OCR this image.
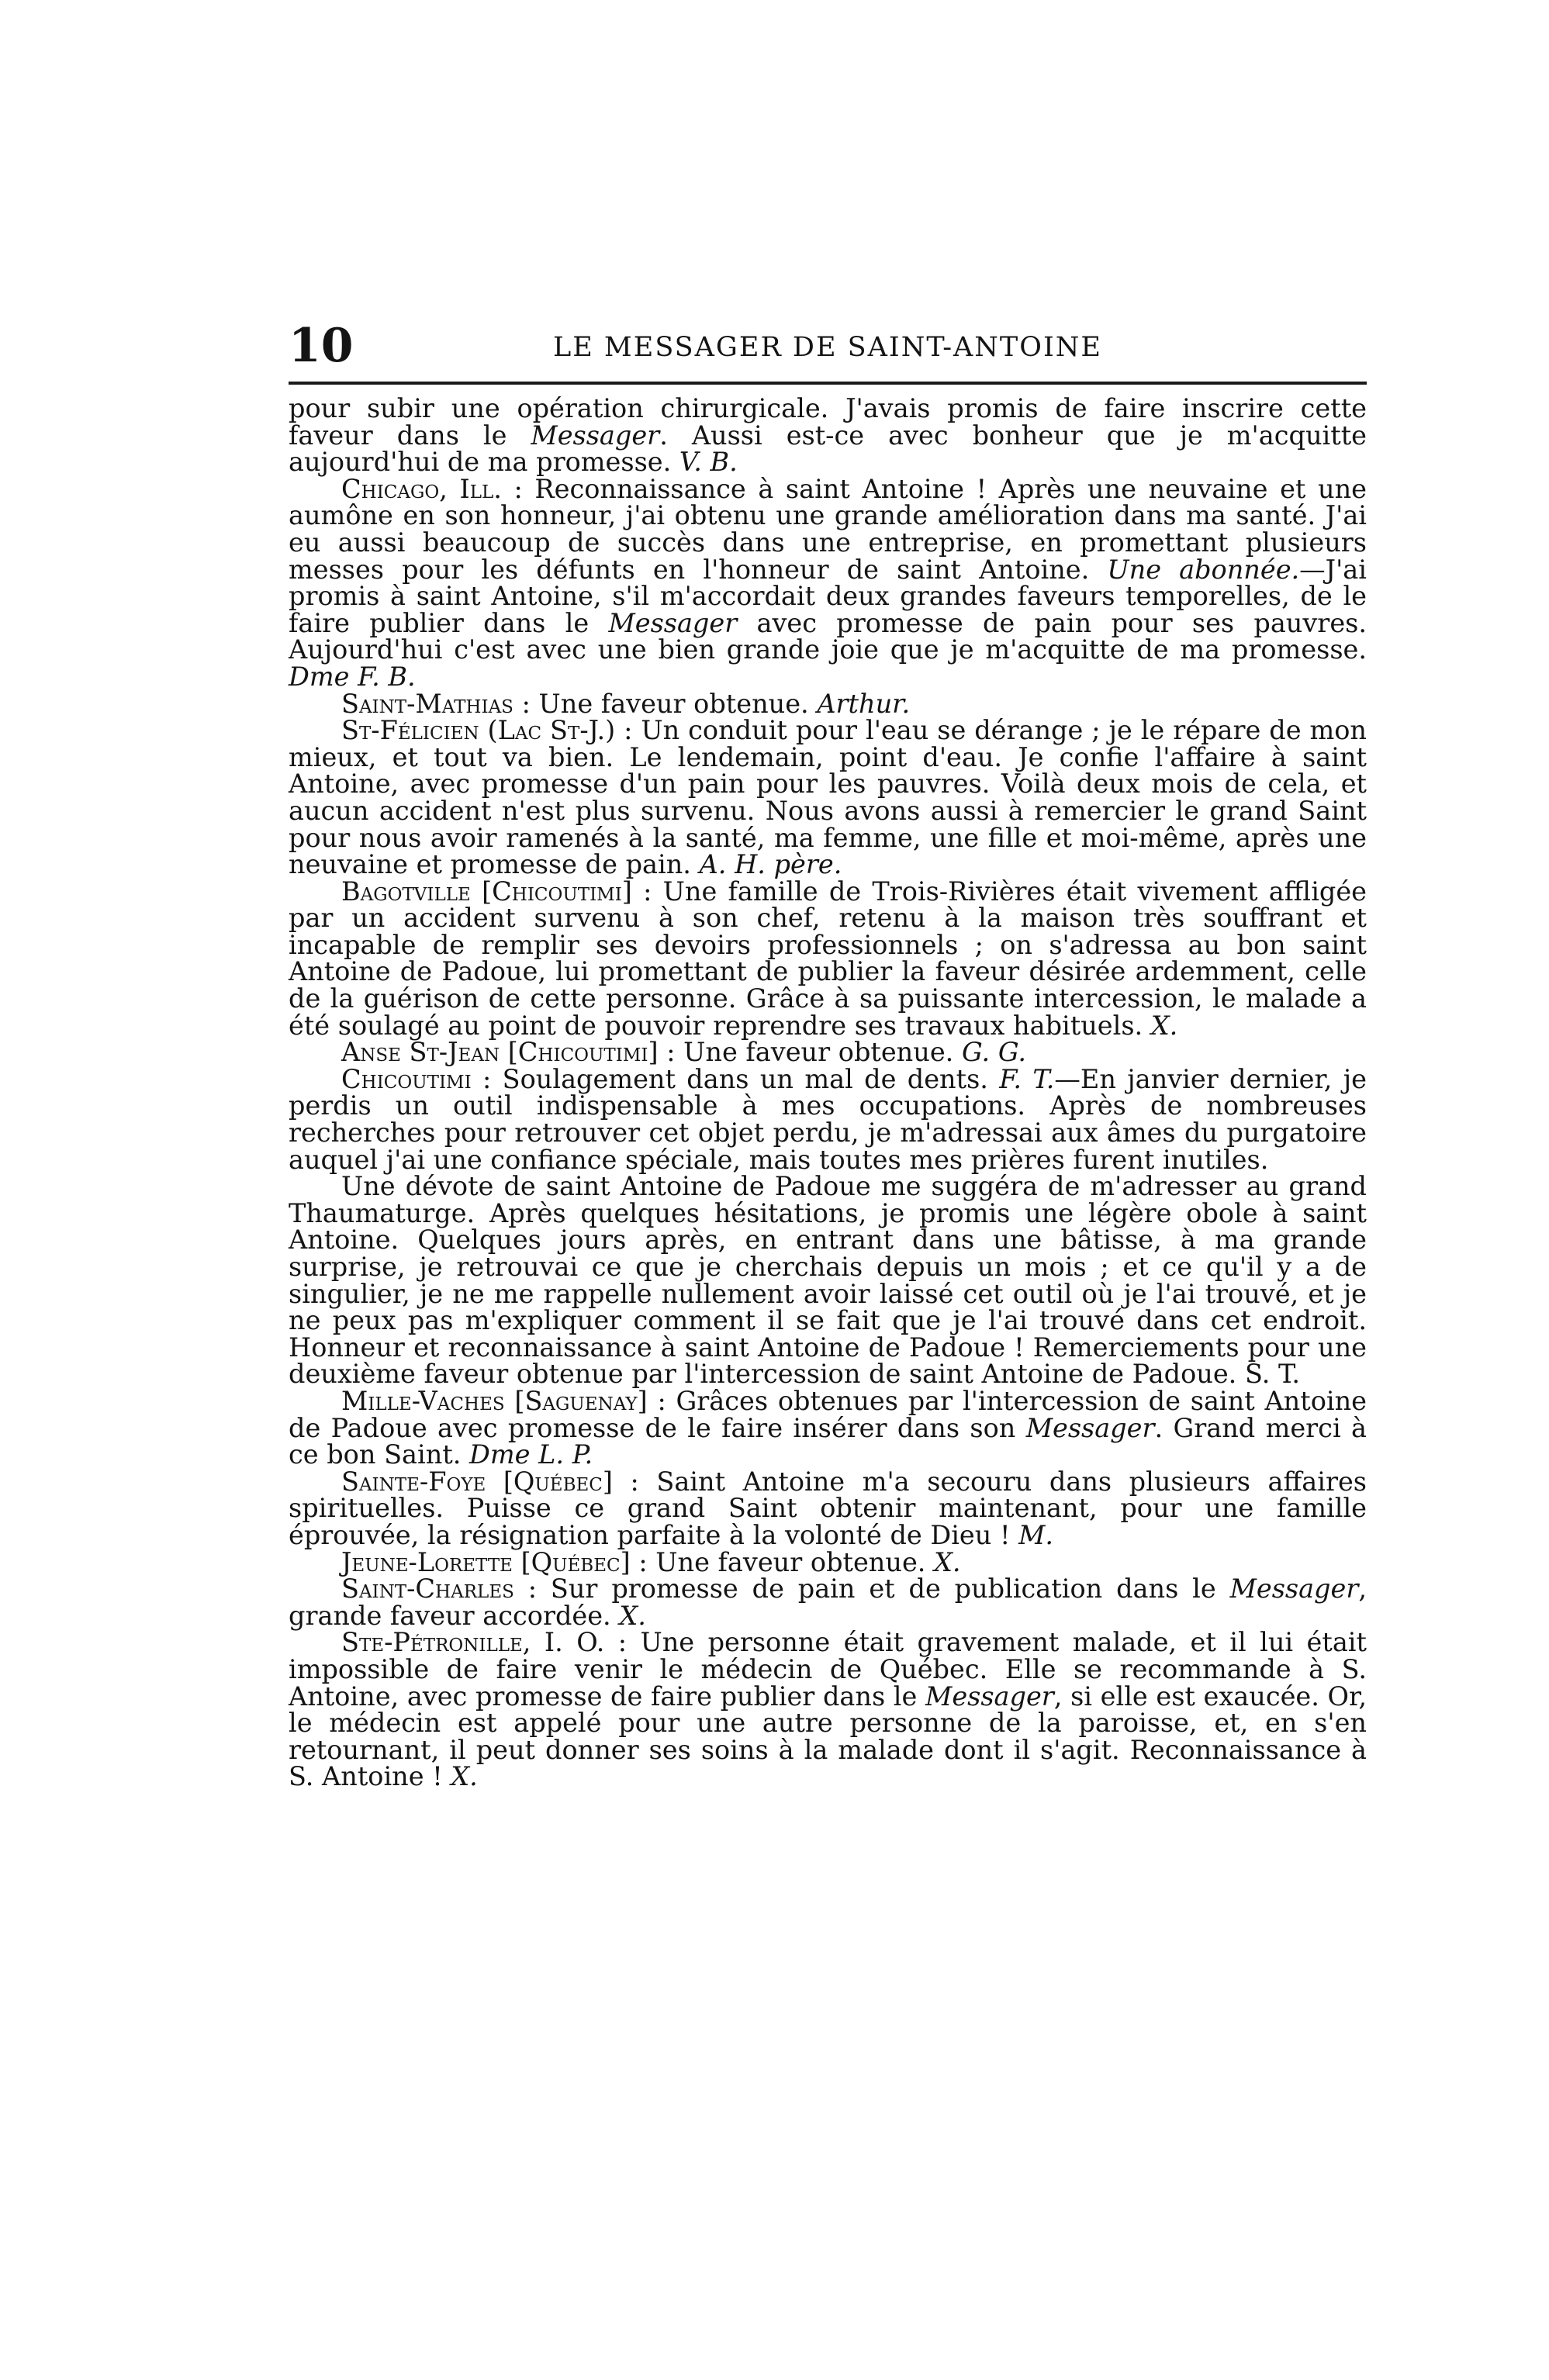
10	LE MESSAGER DE SAINT-ANTOINE

pour subir une opération chirurgicale. J'avais promis de faire inscrire cette faveur dans le Messager. Aussi est-ce avec bonheur que je m'acquitte aujourd'hui de ma promesse. V. B.

Chicago, Ill. : Reconnaissance à saint Antoine ! Après une neuvaine et une aumône en son honneur, j'ai obtenu une grande amélioration dans ma santé. J'ai eu aussi beaucoup de succès dans une entreprise, en promettant plusieurs messes pour les défunts en l'honneur de saint Antoine. Une abonnée.—J'ai promis à saint Antoine, s'il m'accordait deux grandes faveurs temporelles, de le faire publier dans le Messager avec promesse de pain pour ses pauvres. Aujourd'hui c'est avec une bien grande joie que je m'acquitte de ma promesse. Dme F. B.

Saint-Mathias : Une faveur obtenue. Arthur.

St-Félicien (Lac St-J.) : Un conduit pour l'eau se dérange ; je le répare de mon mieux, et tout va bien. Le lendemain, point d'eau. Je confie l'affaire à saint Antoine, avec promesse d'un pain pour les pauvres. Voilà deux mois de cela, et aucun accident n'est plus survenu. Nous avons aussi à remercier le grand Saint pour nous avoir ramenés à la santé, ma femme, une fille et moi-même, après une neuvaine et promesse de pain. A. H. père.

Bagotville [Chicoutimi] : Une famille de Trois-Rivières était vivement affligée par un accident survenu à son chef, retenu à la maison très souffrant et incapable de remplir ses devoirs professionnels ; on s'adressa au bon saint Antoine de Padoue, lui promettant de publier la faveur désirée ardemment, celle de la guérison de cette personne. Grâce à sa puissante intercession, le malade a été soulagé au point de pouvoir reprendre ses travaux habituels. X.

Anse St-Jean [Chicoutimi] : Une faveur obtenue. G. G.

Chicoutimi : Soulagement dans un mal de dents. F. T.—En janvier dernier, je perdis un outil indispensable à mes occupations. Après de nombreuses recherches pour retrouver cet objet perdu, je m'adressai aux âmes du purgatoire auquel j'ai une confiance spéciale, mais toutes mes prières furent inutiles.

Une dévote de saint Antoine de Padoue me suggéra de m'adresser au grand Thaumaturge. Après quelques hésitations, je promis une légère obole à saint Antoine. Quelques jours après, en entrant dans une bâtisse, à ma grande surprise, je retrouvai ce que je cherchais depuis un mois ; et ce qu'il y a de singulier, je ne me rappelle nullement avoir laissé cet outil où je l'ai trouvé, et je ne peux pas m'expliquer comment il se fait que je l'ai trouvé dans cet endroit. Honneur et reconnaissance à saint Antoine de Padoue ! Remerciements pour une deuxième faveur obtenue par l'intercession de saint Antoine de Padoue. S. T.

Mille-Vaches [Saguenay] : Grâces obtenues par l'intercession de saint Antoine de Padoue avec promesse de le faire insérer dans son Messager. Grand merci à ce bon Saint. Dme L. P.

Sainte-Foye [Québec] : Saint Antoine m'a secouru dans plusieurs affaires spirituelles. Puisse ce grand Saint obtenir maintenant, pour une famille éprouvée, la résignation parfaite à la volonté de Dieu ! M.

Jeune-Lorette [Québec] : Une faveur obtenue. X.

Saint-Charles : Sur promesse de pain et de publication dans le Messager, grande faveur accordée. X.

Ste-Pétronille, I. O. : Une personne était gravement malade, et il lui était impossible de faire venir le médecin de Québec. Elle se recommande à S. Antoine, avec promesse de faire publier dans le Messager, si elle est exaucée. Or, le médecin est appelé pour une autre personne de la paroisse, et, en s'en retournant, il peut donner ses soins à la malade dont il s'agit. Reconnaissance à S. Antoine ! X.
